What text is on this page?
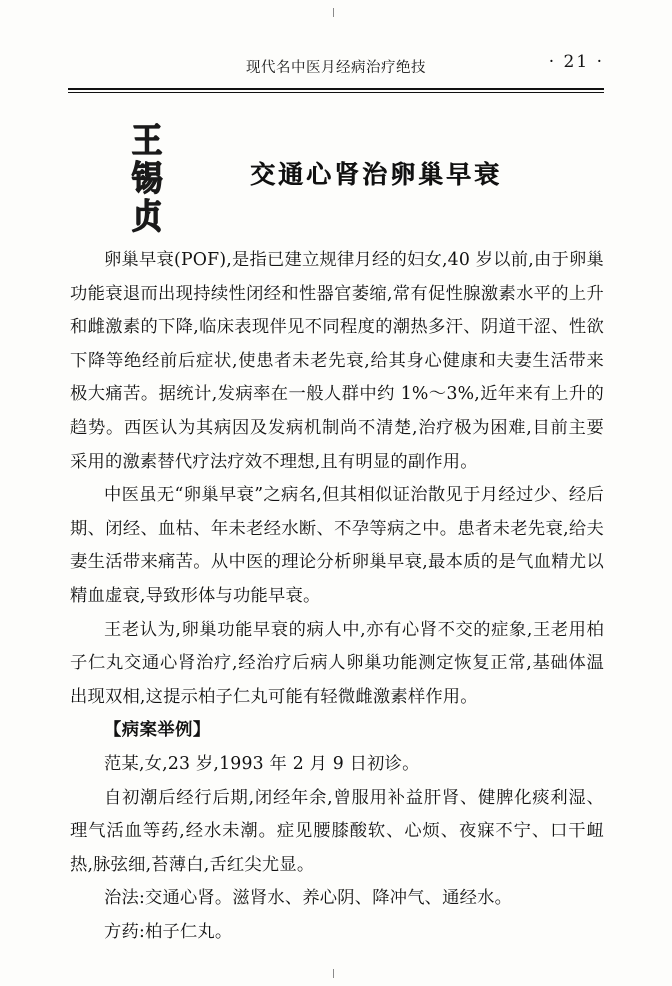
现代名中医月经病治疗绝技	· 21 ·
王
锡
贞
交通心肾治卵巢早衰

卵巢早衰(POF),是指已建立规律月经的妇女,40 岁以前,由于卵巢功能衰退而出现持续性闭经和性器官萎缩,常有促性腺激素水平的上升和雌激素的下降,临床表现伴见不同程度的潮热多汗、阴道干涩、性欲下降等绝经前后症状,使患者未老先衰,给其身心健康和夫妻生活带来极大痛苦。据统计,发病率在一般人群中约 1%～3%,近年来有上升的趋势。西医认为其病因及发病机制尚不清楚,治疗极为困难,目前主要采用的激素替代疗法疗效不理想,且有明显的副作用。

中医虽无“卵巢早衰”之病名,但其相似证治散见于月经过少、经后期、闭经、血枯、年未老经水断、不孕等病之中。患者未老先衰,给夫妻生活带来痛苦。从中医的理论分析卵巢早衰,最本质的是气血精尤以精血虚衰,导致形体与功能早衰。

王老认为,卵巢功能早衰的病人中,亦有心肾不交的症象,王老用柏子仁丸交通心肾治疗,经治疗后病人卵巢功能测定恢复正常,基础体温出现双相,这提示柏子仁丸可能有轻微雌激素样作用。

【病案举例】

范某,女,23 岁,1993 年 2 月 9 日初诊。

自初潮后经行后期,闭经年余,曾服用补益肝肾、健脾化痰利湿、理气活血等药,经水未潮。症见腰膝酸软、心烦、夜寐不宁、口干衄热,脉弦细,苔薄白,舌红尖尤显。

治法:交通心肾。滋肾水、养心阴、降冲气、通经水。

方药:柏子仁丸。
